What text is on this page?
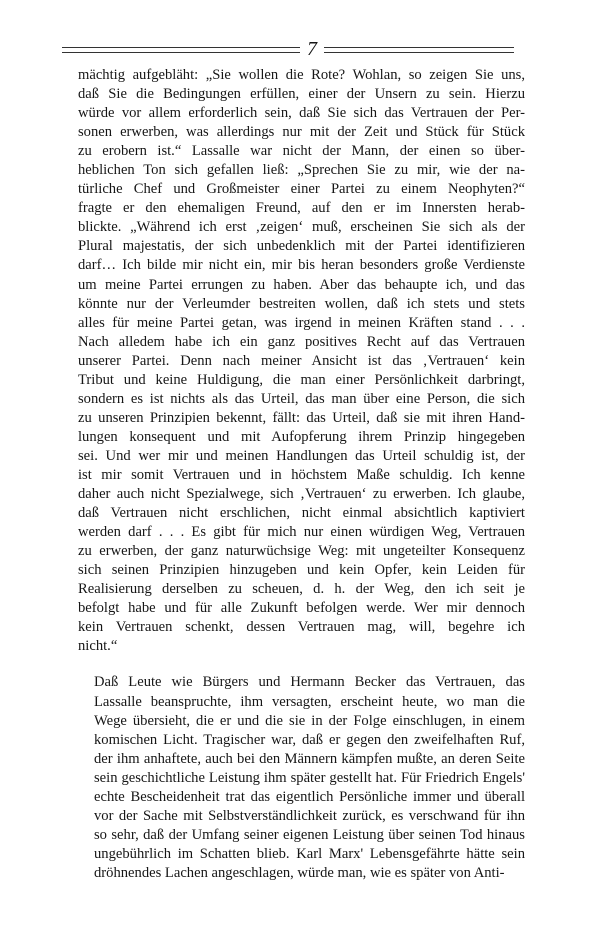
7

mächtig aufgebläht: „Sie wollen die Rote? Wohlan, so zeigen Sie uns,
daß Sie die Bedingungen erfüllen, einer der Unsern zu sein. Hierzu
würde vor allem erforderlich sein, daß Sie sich das Vertrauen der Per-
sonen erwerben, was allerdings nur mit der Zeit und Stück für Stück
zu erobern ist.“ Lassalle war nicht der Mann, der einen so über-
heblichen Ton sich gefallen ließ: „Sprechen Sie zu mir, wie der na-
türliche Chef und Großmeister einer Partei zu einem Neophyten?“
fragte er den ehemaligen Freund, auf den er im Innersten herab-
blickte. „Während ich erst ‚zeigen‘ muß, erscheinen Sie sich als der
Plural majestatis, der sich unbedenklich mit der Partei identifizieren
darf… Ich bilde mir nicht ein, mir bis heran besonders große Verdienste
um meine Partei errungen zu haben. Aber das behaupte ich, und das
könnte nur der Verleumder bestreiten wollen, daß ich stets und stets
alles für meine Partei getan, was irgend in meinen Kräften stand . . .
Nach alledem habe ich ein ganz positives Recht auf das Vertrauen
unserer Partei. Denn nach meiner Ansicht ist das ‚Vertrauen‘ kein
Tribut und keine Huldigung, die man einer Persönlichkeit darbringt,
sondern es ist nichts als das Urteil, das man über eine Person, die sich
zu unseren Prinzipien bekennt, fällt: das Urteil, daß sie mit ihren Hand-
lungen konsequent und mit Aufopferung ihrem Prinzip hingegeben
sei. Und wer mir und meinen Handlungen das Urteil schuldig ist, der
ist mir somit Vertrauen und in höchstem Maße schuldig. Ich kenne
daher auch nicht Spezialwege, sich ‚Vertrauen‘ zu erwerben. Ich glaube,
daß Vertrauen nicht erschlichen, nicht einmal absichtlich kaptiviert
werden darf . . . Es gibt für mich nur einen würdigen Weg, Vertrauen
zu erwerben, der ganz naturwüchsige Weg: mit ungeteilter Konsequenz
sich seinen Prinzipien hinzugeben und kein Opfer, kein Leiden für
Realisierung derselben zu scheuen, d. h. der Weg, den ich seit je
befolgt habe und für alle Zukunft befolgen werde. Wer mir dennoch
kein Vertrauen schenkt, dessen Vertrauen mag, will, begehre ich
nicht.“

Daß Leute wie Bürgers und Hermann Becker das Vertrauen, das
Lassalle beanspruchte, ihm versagten, erscheint heute, wo man die
Wege übersieht, die er und die sie in der Folge einschlugen, in einem
komischen Licht. Tragischer war, daß er gegen den zweifelhaften Ruf,
der ihm anhaftete, auch bei den Männern kämpfen mußte, an deren Seite
sein geschichtliche Leistung ihm später gestellt hat. Für Friedrich Engels'
echte Bescheidenheit trat das eigentlich Persönliche immer und überall
vor der Sache mit Selbstverständlichkeit zurück, es verschwand für ihn
so sehr, daß der Umfang seiner eigenen Leistung über seinen Tod hinaus
ungebührlich im Schatten blieb. Karl Marx' Lebensgefährte hätte sein
dröhnendes Lachen angeschlagen, würde man, wie es später von Anti-
